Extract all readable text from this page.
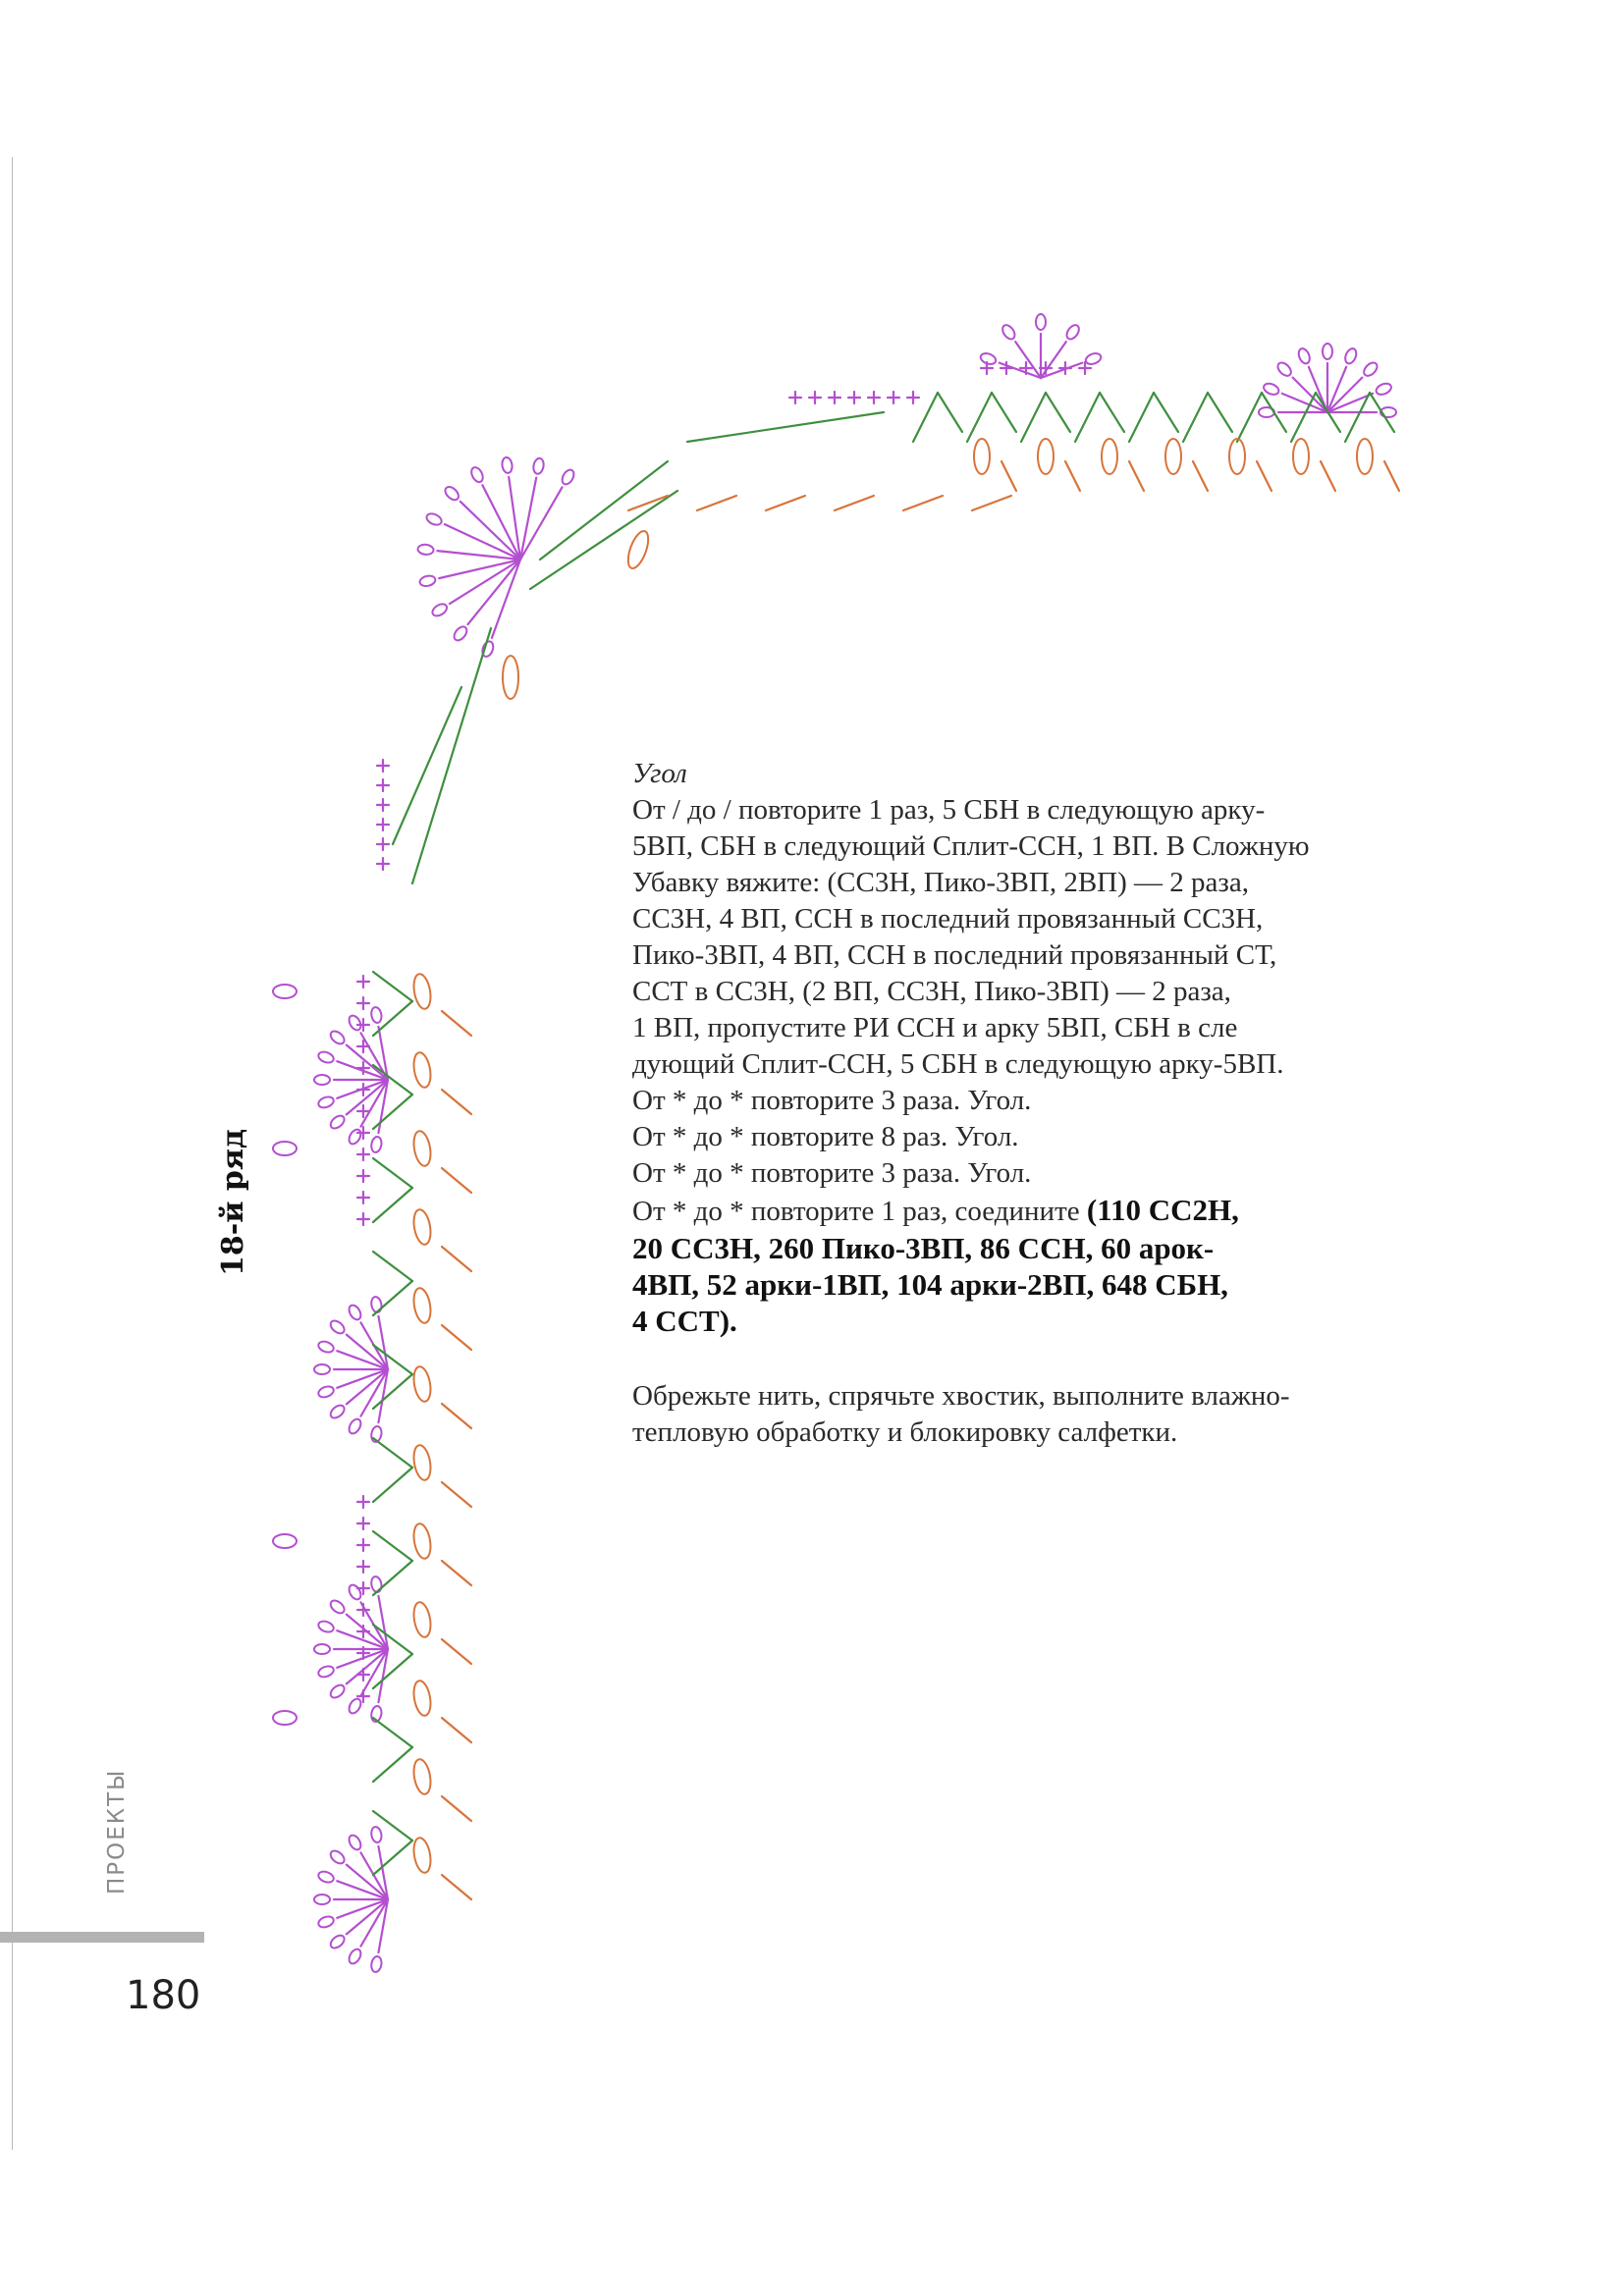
18-й ряд

Угол

От / до / повторите 1 раз, 5 СБН в следующую арку-

5ВП, СБН в следующий Сплит-ССН, 1 ВП. В Сложную

Убавку вяжите: (СС3Н, Пико-3ВП, 2ВП) — 2 раза,

СС3Н, 4 ВП, ССН в последний провязанный СС3Н,

Пико-3ВП, 4 ВП, ССН в последний провязанный СТ,

ССТ в СС3Н, (2 ВП, СС3Н, Пико-3ВП) — 2 раза,

1 ВП, пропустите РИ ССН и арку 5ВП, СБН в сле

дующий Сплит-ССН, 5 СБН в следующую арку-5ВП.

От * до * повторите 3 раза. Угол.

От * до * повторите 8 раз. Угол.

От * до * повторите 3 раза. Угол.

От * до * повторите 1 раз, соедините (110 СС2Н,

20 СС3Н, 260 Пико-3ВП, 86 ССН, 60 арок-

4ВП, 52 арки-1ВП, 104 арки-2ВП, 648 СБН,

4 ССТ).

Обрежьте нить, спрячьте хвостик, выполните влажно-

тепловую обработку и блокировку салфетки.

ПРОЕКТЫ
180
